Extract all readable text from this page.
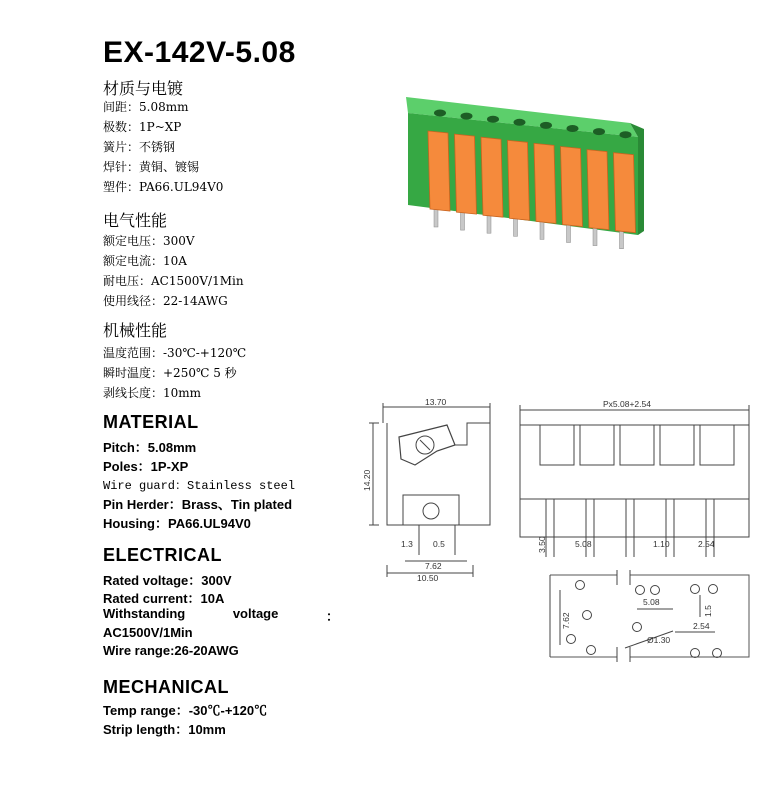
EX-142V-5.08
材质与电镀
间距：5.08mm
极数：1P~XP
簧片：不锈钢
焊针：黄铜、镀锡
塑件：PA66.UL94V0
电气性能
额定电压：300V
额定电流：10A
耐电压：AC1500V/1Min
使用线径：22-14AWG
机械性能
温度范围：-30℃-+120℃
瞬时温度：+250℃ 5 秒
剥线长度：10mm
MATERIAL
Pitch：5.08mm
Poles：1P-XP
Wire guard：Stainless steel
Pin Herder：Brass、Tin plated
Housing：PA66.UL94V0
ELECTRICAL
Rated voltage：300V
Rated current：10A
Withstanding	voltage	：
AC1500V/1Min
Wire range:26-20AWG
MECHANICAL
Temp range：-30℃-+120℃
Strip length：10mm
13.70
14.20
1.3 0.5
7.62
10.50
Px5.08+2.54
3.50	5.08	1.10	2.54
7.62
5.08
1.5
Ø1.30
2.54
